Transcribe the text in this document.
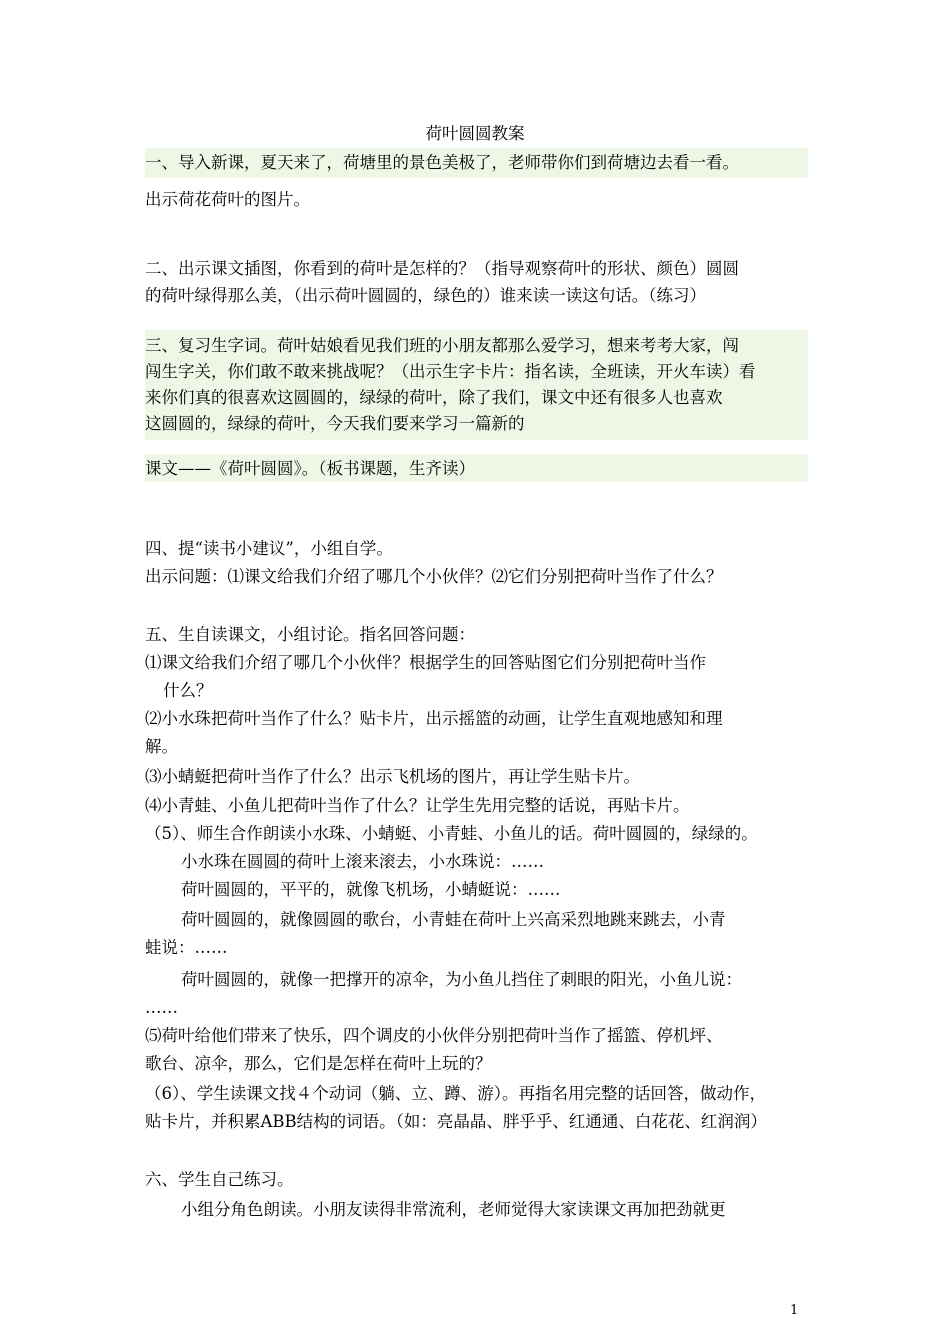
荷叶圆圆教案
一、导入新课，夏天来了，荷塘里的景色美极了，老师带你们到荷塘边去看一看。
出示荷花荷叶的图片。
二、出示课文插图，你看到的荷叶是怎样的？（指导观察荷叶的形状、颜色）圆圆
的荷叶绿得那么美，（出示荷叶圆圆的，绿色的）谁来读一读这句话。（练习）
三、复习生字词。荷叶姑娘看见我们班的小朋友都那么爱学习，想来考考大家，闯
闯生字关，你们敢不敢来挑战呢？（出示生字卡片：指名读，全班读，开火车读）看
来你们真的很喜欢这圆圆的，绿绿的荷叶，除了我们，课文中还有很多人也喜欢
这圆圆的，绿绿的荷叶，今天我们要来学习一篇新的
课文——《荷叶圆圆》。（板书课题，生齐读）
四、提“读书小建议”，小组自学。
出示问题：⑴课文给我们介绍了哪几个小伙伴？⑵它们分别把荷叶当作了什么？
五、生自读课文，小组讨论。指名回答问题：
⑴课文给我们介绍了哪几个小伙伴？根据学生的回答贴图它们分别把荷叶当作
什么？
⑵小水珠把荷叶当作了什么？贴卡片，出示摇篮的动画，让学生直观地感知和理
解。
⑶小蜻蜓把荷叶当作了什么？出示飞机场的图片，再让学生贴卡片。
⑷小青蛙、小鱼儿把荷叶当作了什么？让学生先用完整的话说，再贴卡片。
（5）、师生合作朗读小水珠、小蜻蜓、小青蛙、小鱼儿的话。荷叶圆圆的，绿绿的。
小水珠在圆圆的荷叶上滚来滚去，小水珠说：……
荷叶圆圆的，平平的，就像飞机场，小蜻蜓说：……
荷叶圆圆的，就像圆圆的歌台，小青蛙在荷叶上兴高采烈地跳来跳去，小青
蛙说：……
荷叶圆圆的，就像一把撑开的凉伞，为小鱼儿挡住了刺眼的阳光，小鱼儿说：
……
⑸荷叶给他们带来了快乐，四个调皮的小伙伴分别把荷叶当作了摇篮、停机坪、
歌台、凉伞，那么，它们是怎样在荷叶上玩的？
（6）、学生读课文找４个动词（躺、立、蹲、游）。再指名用完整的话回答，做动作，
贴卡片，并积累ABB结构的词语。（如：亮晶晶、胖乎乎、红通通、白花花、红润润）
六、学生自己练习。
小组分角色朗读。小朋友读得非常流利，老师觉得大家读课文再加把劲就更
1
